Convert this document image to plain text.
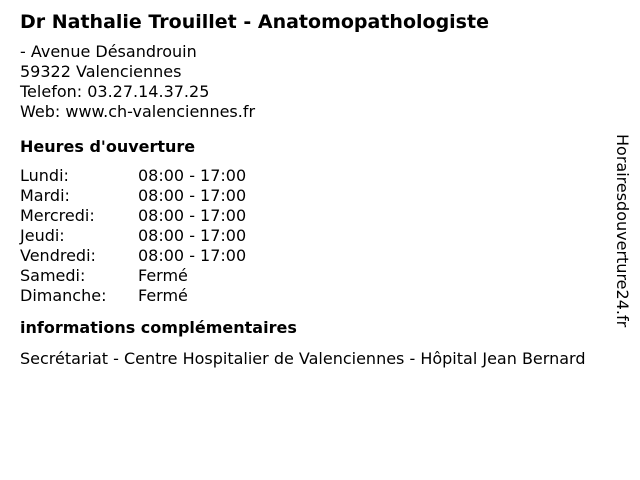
Dr Nathalie Trouillet - Anatomopathologiste
- Avenue Désandrouin
59322 Valenciennes
Telefon: 03.27.14.37.25
Web: www.ch-valenciennes.fr
Heures d'ouverture
Lundi:	08:00 - 17:00
Mardi:	08:00 - 17:00
Mercredi:	08:00 - 17:00
Jeudi:	08:00 - 17:00
Vendredi:	08:00 - 17:00
Samedi:	Fermé
Dimanche:	Fermé
informations complémentaires
Secrétariat - Centre Hospitalier de Valenciennes - Hôpital Jean Bernard
Horairesdouverture24.fr
